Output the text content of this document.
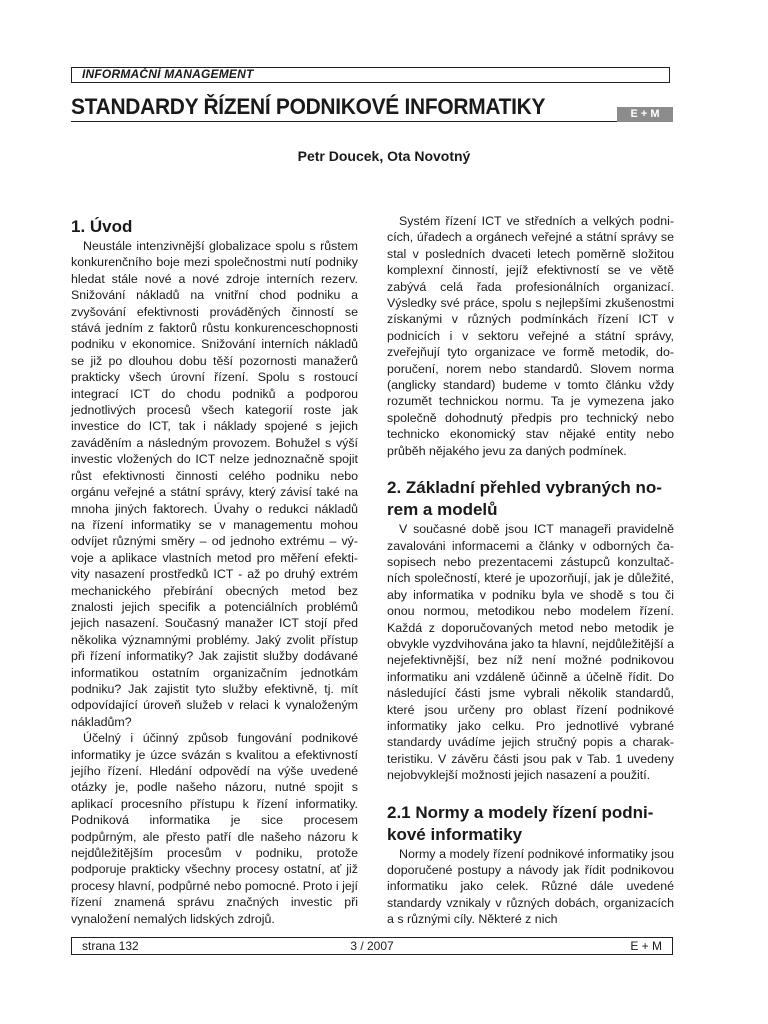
INFORMAČNÍ MANAGEMENT
STANDARDY ŘÍZENÍ PODNIKOVÉ INFORMATIKY	E + M
Petr Doucek, Ota Novotný
1. Úvod

Neustále intenzivnější globalizace spolu s růstem konkurenčního boje mezi společnostmi nutí podniky hledat stále nové a nové zdroje interních rezerv. Snižování nákladů na vnitřní chod podniku a zvyšování efektivnosti prováděných činností se stává jedním z faktorů růstu konkurenceschopnosti podniku v ekonomice. Snižování interních nákladů se již po dlouhou dobu těší pozornosti manažerů prakticky všech úrovní řízení. Spolu s rostoucí integrací ICT do chodu podniků a podporou jednotlivých procesů všech kategorií roste jak investice do ICT, tak i náklady spojené s jejich zaváděním a následným provozem. Bohužel s výší investic vložených do ICT nelze jednoznačně spojit růst efektivnosti činnosti celého podniku nebo orgánu veřejné a státní správy, který závisí také na mnoha jiných faktorech. Úvahy o redukci nákladů na řízení informatiky se v managementu mohou odvíjet různými směry – od jednoho extrému – vývoje a aplikace vlastních metod pro měření efektivity nasazení prostředků ICT - až po druhý extrém mechanického přebírání obecných metod bez znalosti jejich specifik a potenciálních problémů jejich nasazení. Současný manažer ICT stojí před několika významnými problémy. Jaký zvolit přístup při řízení informatiky? Jak zajistit služby dodávané informatikou ostatním organizačním jednotkám podniku? Jak zajistit tyto služby efektivně, tj. mít odpovídající úroveň služeb v relaci k vynaloženým nákladům?

Účelný i účinný způsob fungování podnikové informatiky je úzce svázán s kvalitou a efektivností jejího řízení. Hledání odpovědí na výše uvedené otázky je, podle našeho názoru, nutné spojit s aplikací procesního přístupu k řízení informatiky. Podniková informatika je sice procesem podpůrným, ale přesto patří dle našeho názoru k nejdůležitějším procesům v podniku, protože podporuje prakticky všechny procesy ostatní, ať již procesy hlavní, podpůrné nebo pomocné. Proto i její řízení znamená správu značných investic při vynaložení nemalých lidských zdrojů.

Systém řízení ICT ve středních a velkých podnicích, úřadech a orgánech veřejné a státní správy se stal v posledních dvaceti letech poměrně složitou komplexní činností, jejíž efektivností se ve větě zabývá celá řada profesionálních organizací. Výsledky své práce, spolu s nejlepšími zkušenostmi získanými v různých podmínkách řízení ICT v podnicích i v sektoru veřejné a státní správy, zveřejňují tyto organizace ve formě metodik, doporučení, norem nebo standardů. Slovem norma (anglicky standard) budeme v tomto článku vždy rozumět technickou normu. Ta je vymezena jako společně dohodnutý předpis pro technický nebo technicko ekonomický stav nějaké entity nebo průběh nějakého jevu za daných podmínek.

2. Základní přehled vybraných norem a modelů

V současné době jsou ICT manageři pravidelně zavalováni informacemi a články v odborných časopisech nebo prezentacemi zástupců konzultačních společností, které je upozorňují, jak je důležité, aby informatika v podniku byla ve shodě s tou či onou normou, metodikou nebo modelem řízení. Každá z doporučovaných metod nebo metodik je obvykle vyzdvihována jako ta hlavní, nejdůležitější a nejefektivnější, bez níž není možné podnikovou informatiku ani vzdáleně účinně a účelně řídit. Do následující části jsme vybrali několik standardů, které jsou určeny pro oblast řízení podnikové informatiky jako celku. Pro jednotlivé vybrané standardy uvádíme jejich stručný popis a charakteristiku. V závěru části jsou pak v Tab. 1 uvedeny nejobvyklejší možnosti jejich nasazení a použití.

2.1 Normy a modely řízení podnikové informatiky

Normy a modely řízení podnikové informatiky jsou doporučené postupy a návody jak řídit podnikovou informatiku jako celek. Různé dále uvedené standardy vznikaly v různých dobách, organizacích a s různými cíly. Některé z nich

strana 132	3 / 2007	E + M
